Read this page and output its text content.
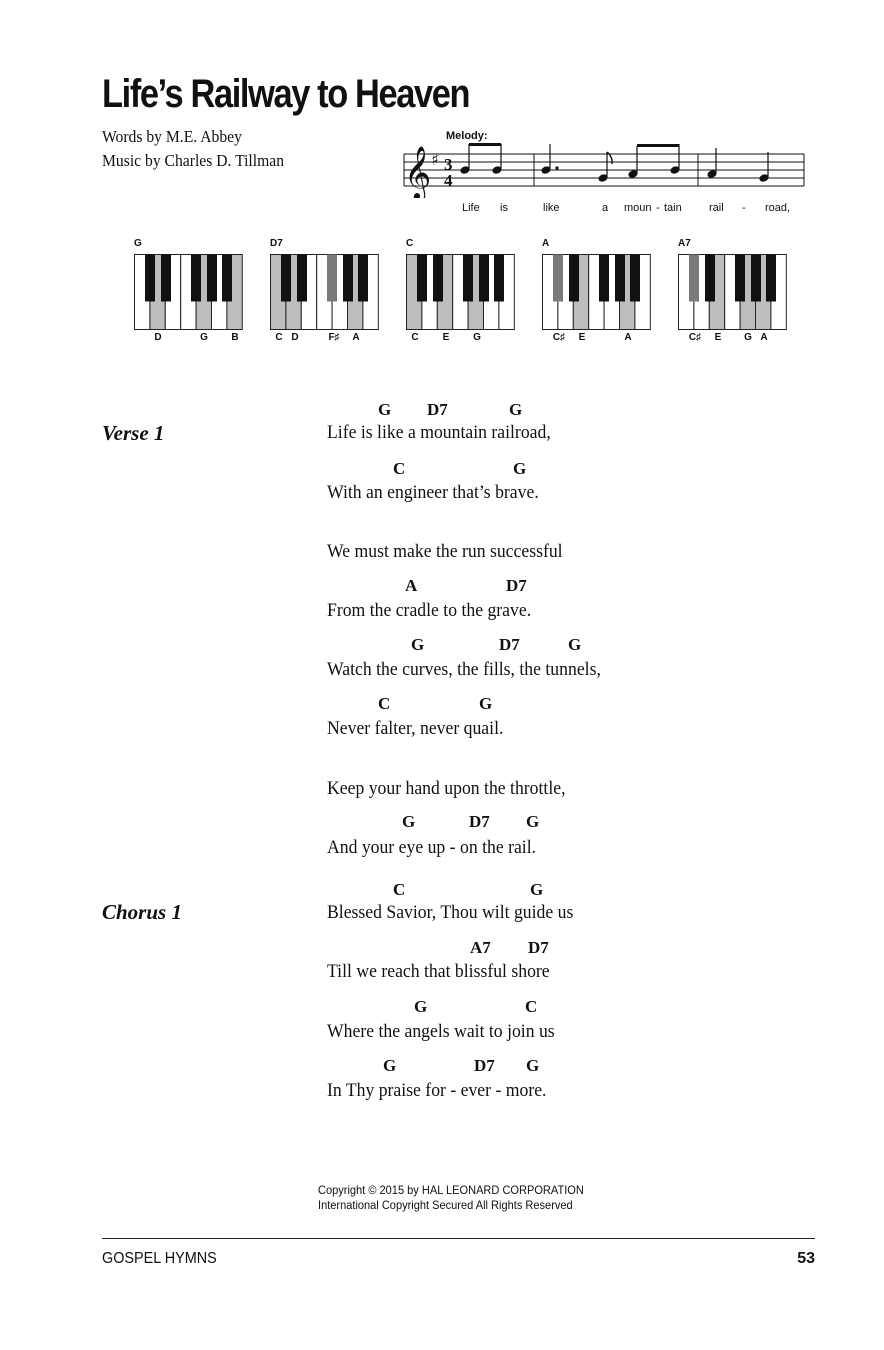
Life’s Railway to Heaven
Words by M.E. Abbey
Music by Charles D. Tillman
Melody:
𝄞 ♯ 3
4
Life is	like	a moun - tain rail - road,
G
D	G B
D7
C D	F♯ A
C
C E G
A
C♯ E	A
A7
C♯ E G A
Verse 1
G D7	G
Life is like a mountain railroad,
C	G
With an engineer that’s brave.
We must make the run successful
A	D7
From the cradle to the grave.
G	D7	G
Watch the curves, the fills, the tunnels,
C	G
Never falter, never quail.
Keep your hand upon the throttle,
G	D7 G
And your eye up - on the rail.
Chorus 1
C	G
Blessed Savior, Thou wilt guide us
A7 D7
Till we reach that blissful shore
G	C
Where the angels wait to join us
G	D7 G
In Thy praise for - ever - more.
Copyright © 2015 by HAL LEONARD CORPORATION
International Copyright Secured All Rights Reserved
GOSPEL HYMNS	53
